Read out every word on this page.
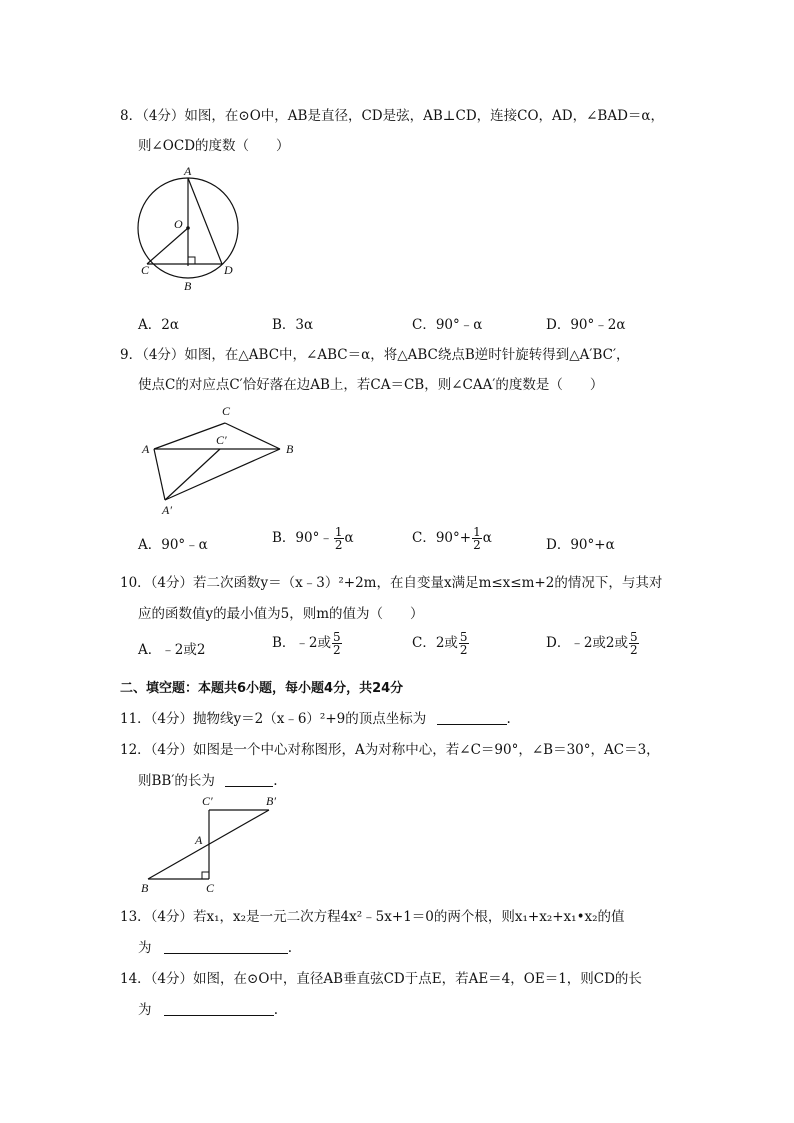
8．（4分）如图，在⊙O中，AB是直径，CD是弦，AB⊥CD，连接CO，AD，∠BAD＝α，
则∠OCD的度数（　　）
A
O
C
B
D
A．2α	B．3α	C．90°﹣α	D．90°﹣2α
9．（4分）如图，在△ABC中，∠ABC＝α，将△ABC绕点B逆时针旋转得到△A′BC′，
使点C的对应点C′恰好落在边AB上，若CA＝CB，则∠CAA′的度数是（　　）
C
A
C′
B
A′
A．90°﹣α	B．90°﹣ $\frac{1}{2}$ α	C．$90^\circ+ \frac{1}{2}$ α	D．90°+α
10．（4分）若二次函数y＝（x﹣3）²+2m，在自变量x满足m≤x≤m+2的情况下，与其对
应的函数值y的最小值为5，则m的值为（　　）
A．﹣2或2	B．﹣2或 $\frac{5}{2}$	C．2或 $\frac{5}{2}$	D．﹣2或2或 $\frac{5}{2}$
二、填空题：本题共6小题，每小题4分，共24分
11．（4分）抛物线y＝2（x﹣6）²+9的顶点坐标为	.
12．（4分）如图是一个中心对称图形，A为对称中心，若∠C＝90°，∠B＝30°，AC＝3，
则BB′的长为	.
C′	B′
A
B	C
13．（4分）若x₁，x₂是一元二次方程4x²﹣5x+1＝0的两个根，则x₁+x₂+x₁•x₂的值
为	.
14．（4分）如图，在⊙O中，直径AB垂直弦CD于点E，若AE＝4，OE＝1，则CD的长
为	.
